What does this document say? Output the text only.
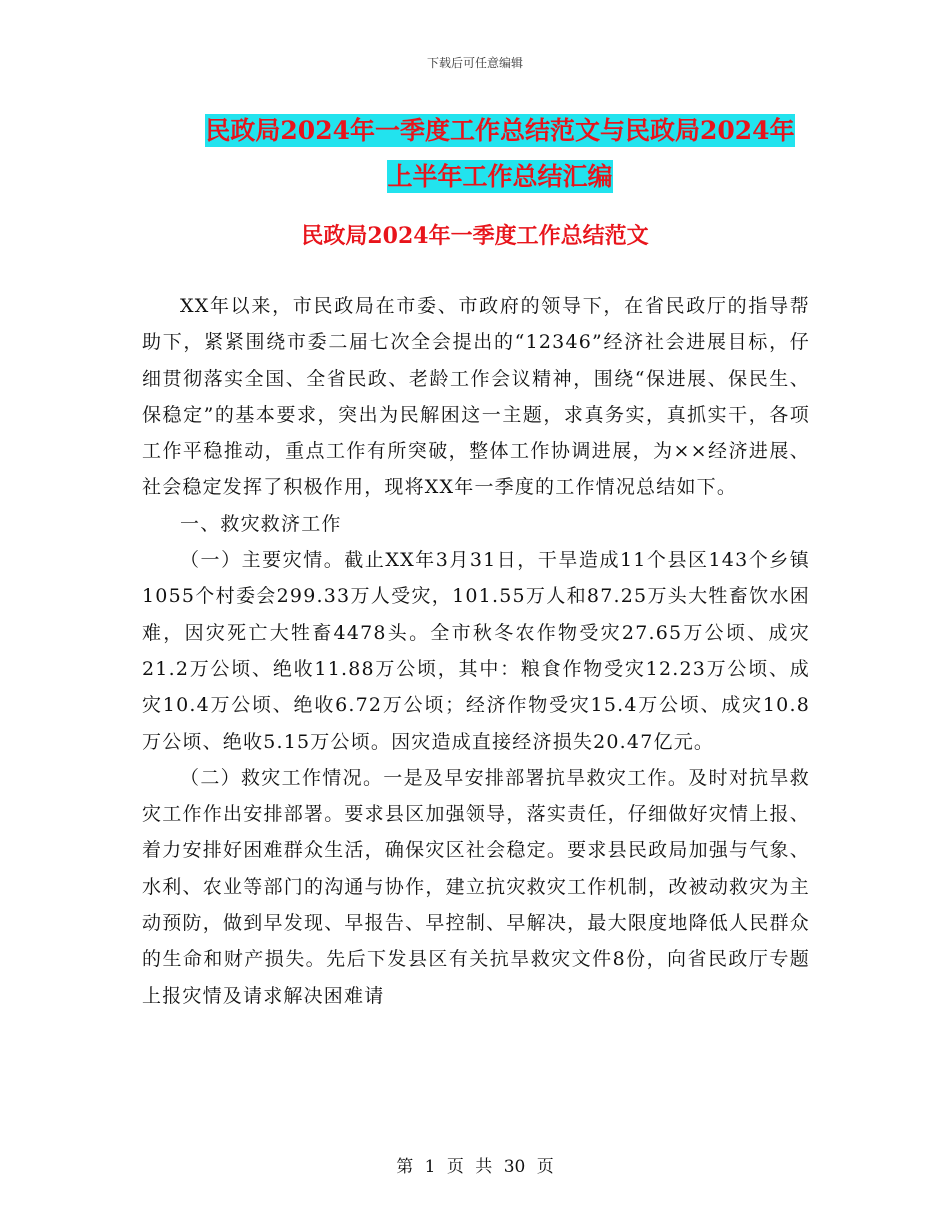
下载后可任意编辑
民政局2024年一季度工作总结范文与民政局2024年
上半年工作总结汇编
民政局2024年一季度工作总结范文

XX年以来，市民政局在市委、市政府的领导下，在省民政厅的指导帮助下，紧紧围绕市委二届七次全会提出的“12346”经济社会进展目标，仔细贯彻落实全国、全省民政、老龄工作会议精神，围绕“保进展、保民生、保稳定”的基本要求，突出为民解困这一主题，求真务实，真抓实干，各项工作平稳推动，重点工作有所突破，整体工作协调进展，为××经济进展、社会稳定发挥了积极作用，现将XX年一季度的工作情况总结如下。

一、救灾救济工作

（一）主要灾情。截止XX年3月31日，干旱造成11个县区143个乡镇1055个村委会299.33万人受灾，101.55万人和87.25万头大牲畜饮水困难，因灾死亡大牲畜4478头。全市秋冬农作物受灾27.65万公顷、成灾21.2万公顷、绝收11.88万公顷，其中：粮食作物受灾12.23万公顷、成灾10.4万公顷、绝收6.72万公顷；经济作物受灾15.4万公顷、成灾10.8万公顷、绝收5.15万公顷。因灾造成直接经济损失20.47亿元。

（二）救灾工作情况。一是及早安排部署抗旱救灾工作。及时对抗旱救灾工作作出安排部署。要求县区加强领导，落实责任，仔细做好灾情上报、着力安排好困难群众生活，确保灾区社会稳定。要求县民政局加强与气象、水利、农业等部门的沟通与协作，建立抗灾救灾工作机制，改被动救灾为主动预防，做到早发现、早报告、早控制、早解决，最大限度地降低人民群众的生命和财产损失。先后下发县区有关抗旱救灾文件8份，向省民政厅专题上报灾情及请求解决困难请

第 1 页 共 30 页
